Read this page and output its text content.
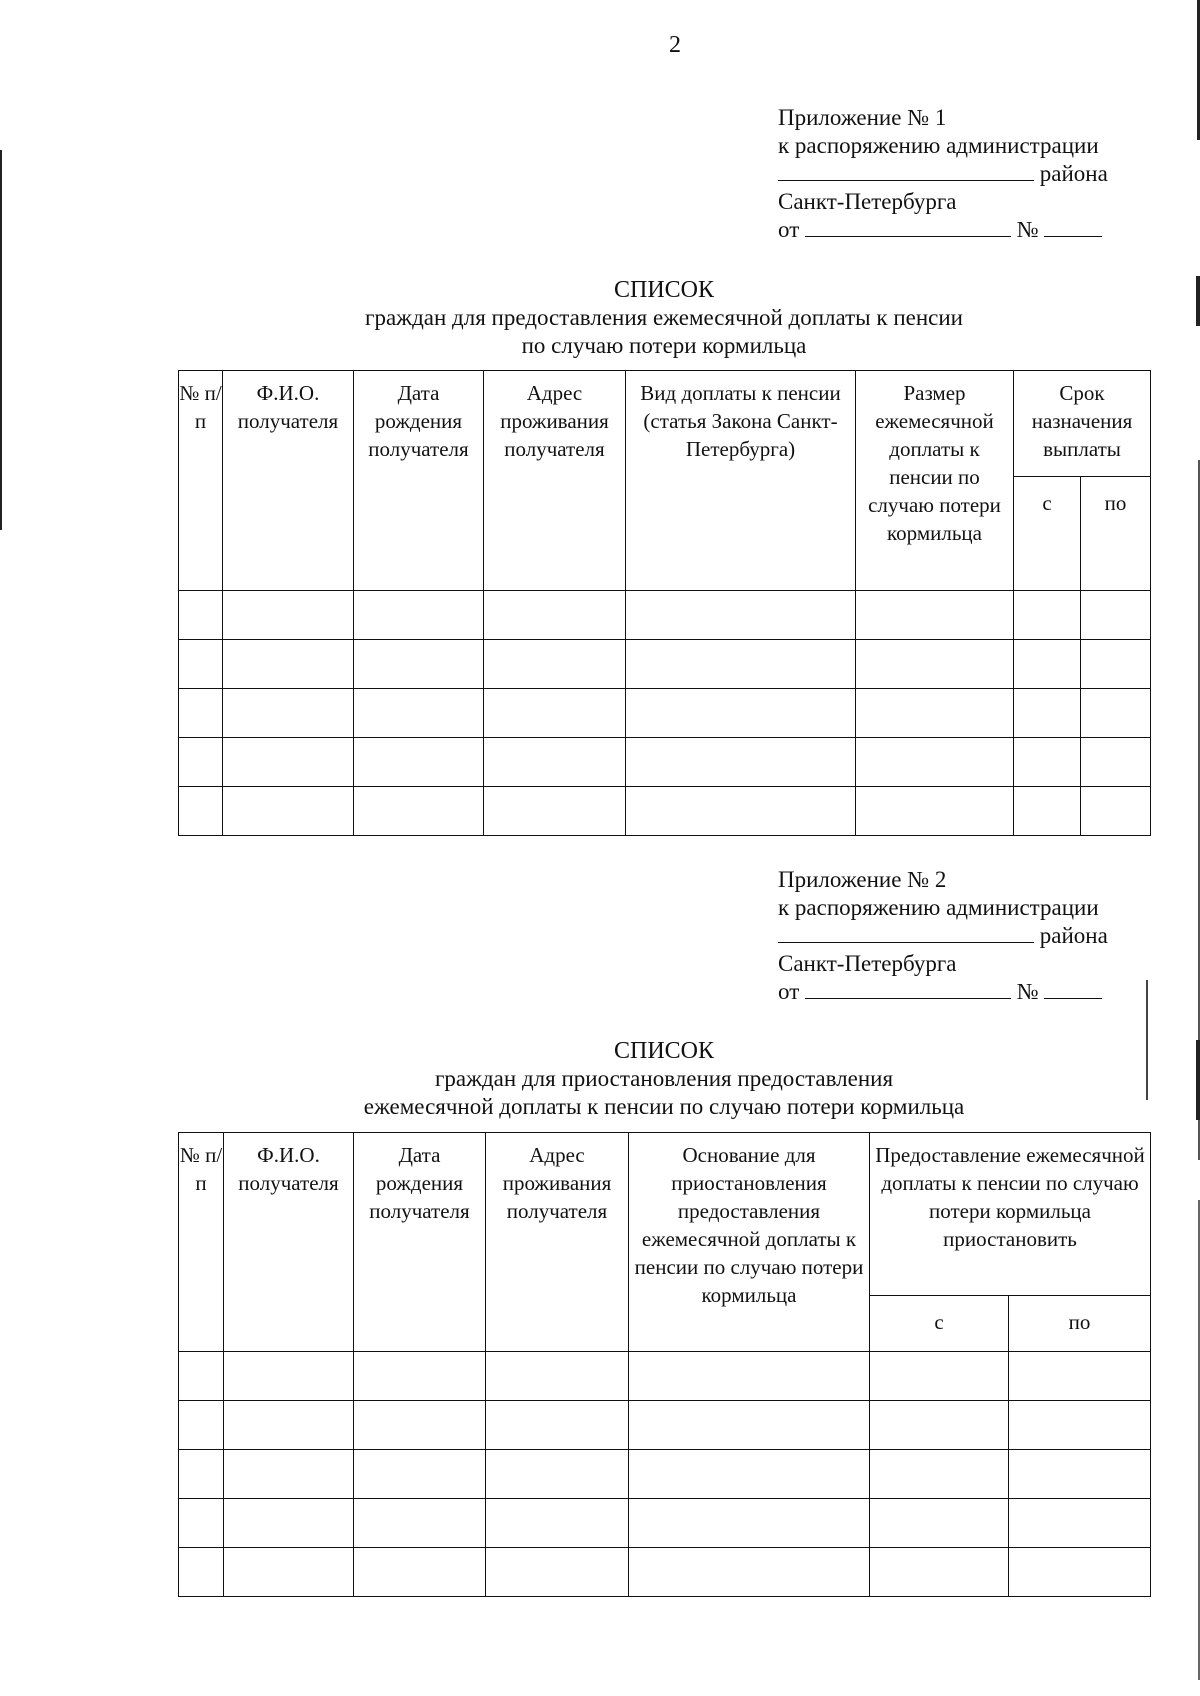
2
Приложение № 1
к распоряжению администрации
района
Санкт-Петербурга
от	№
СПИСОК
граждан для предоставления ежемесячной доплаты к пенсии
по случаю потери кормильца
№ п/п	Ф.И.О. получателя	Дата рождения получателя	Адрес проживания получателя	Вид доплаты к пенсии (статья Закона Санкт-Петербурга)	Размер ежемесячной доплаты к пенсии по случаю потери кормильца	Срок назначения выплаты	
						с	по

Приложение № 2
к распоряжению администрации
района
Санкт-Петербурга
от	№
СПИСОК
граждан для приостановления предоставления
ежемесячной доплаты к пенсии по случаю потери кормильца
№ п/п	Ф.И.О. получателя	Дата рождения получателя	Адрес проживания получателя	Основание для приостановления предоставления ежемесячной доплаты к пенсии по случаю потери кормильца	Предоставление ежемесячной доплаты к пенсии по случаю потери кормильца приостановить	
					с	по
